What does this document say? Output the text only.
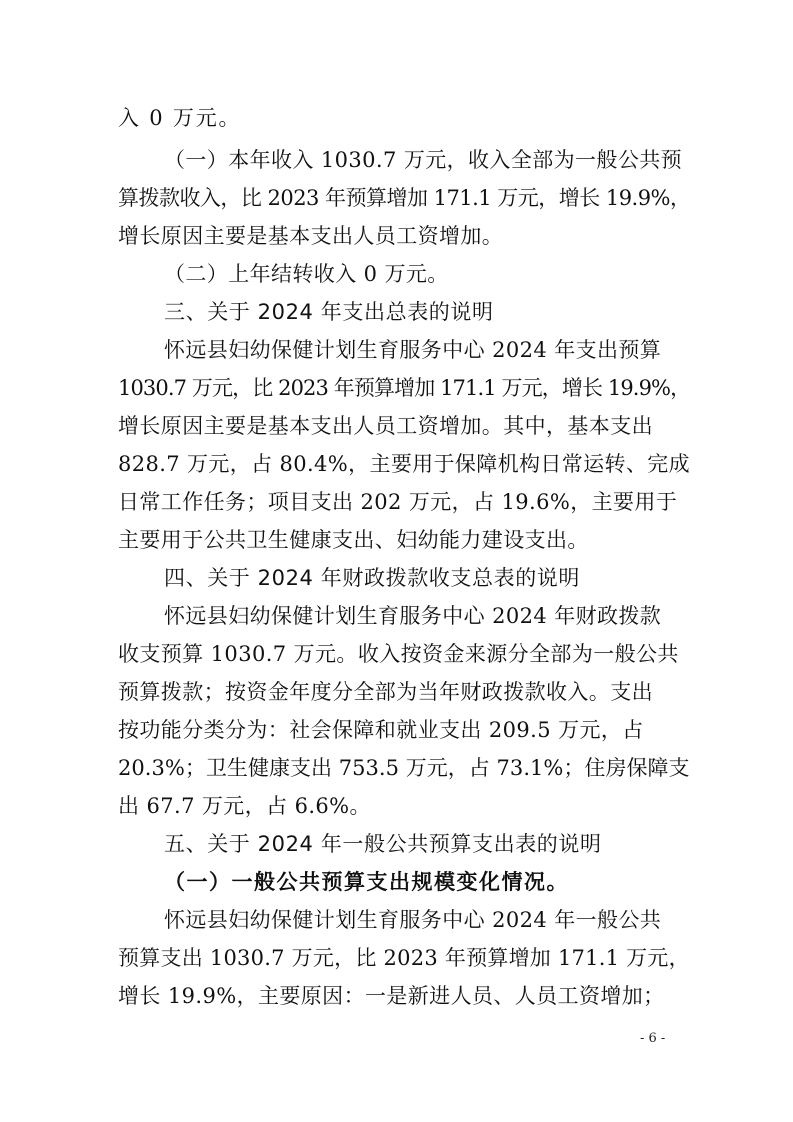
入 0 万元。
（一）本年收入 1030.7 万元，收入全部为一般公共预
算拨款收入，比 2023 年预算增加 171.1 万元，增长 19.9%，
增长原因主要是基本支出人员工资增加。
（二）上年结转收入 0 万元。
三、关于 2024 年支出总表的说明
怀远县妇幼保健计划生育服务中心 2024 年支出预算
1030.7 万元，比 2023 年预算增加 171.1 万元，增长 19.9%，
增长原因主要是基本支出人员工资增加。其中，基本支出
828.7 万元，占 80.4%，主要用于保障机构日常运转、完成
日常工作任务；项目支出 202 万元，占 19.6%，主要用于
主要用于公共卫生健康支出、妇幼能力建设支出。
四、关于 2024 年财政拨款收支总表的说明
怀远县妇幼保健计划生育服务中心 2024 年财政拨款
收支预算 1030.7 万元。收入按资金来源分全部为一般公共
预算拨款；按资金年度分全部为当年财政拨款收入。支出
按功能分类分为：社会保障和就业支出 209.5 万元，占
20.3%；卫生健康支出 753.5 万元，占 73.1%；住房保障支
出 67.7 万元，占 6.6%。
五、关于 2024 年一般公共预算支出表的说明
（一）一般公共预算支出规模变化情况。
怀远县妇幼保健计划生育服务中心 2024 年一般公共
预算支出 1030.7 万元，比 2023 年预算增加 171.1 万元，
增长 19.9%，主要原因：一是新进人员、人员工资增加；
- 6 -
